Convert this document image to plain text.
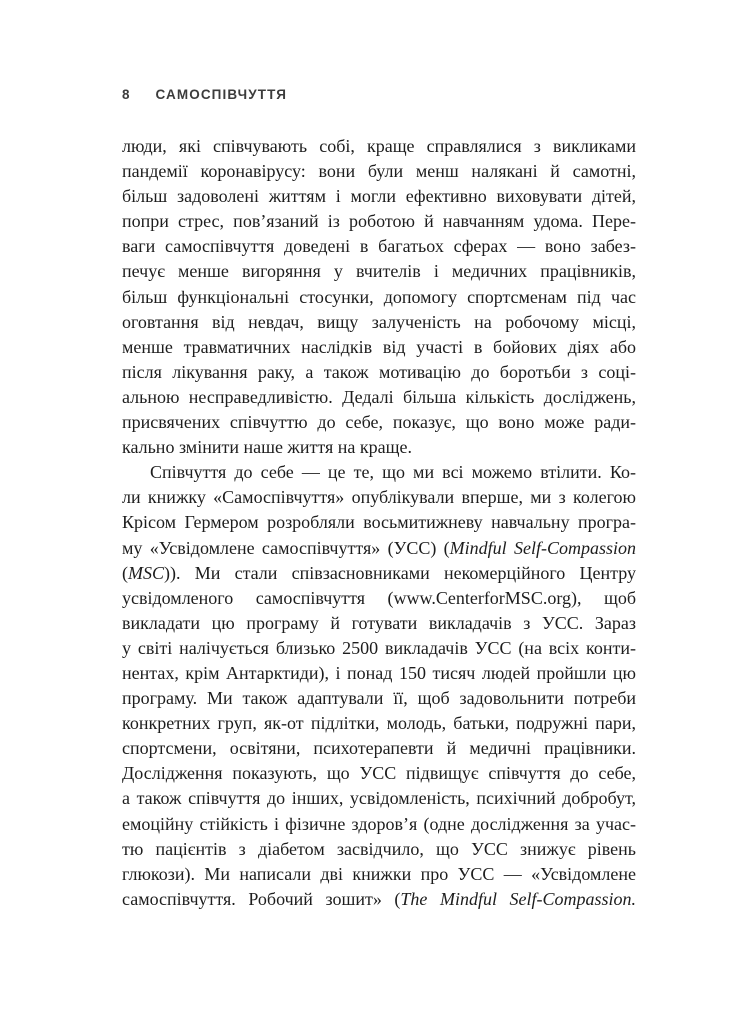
8 САМОСПІВЧУТТЯ

люди, які співчувають собі, краще справлялися з викликами
пандемії коронавірусу: вони були менш налякані й самотні,
більш задоволені життям і могли ефективно виховувати дітей,
попри стрес, пов’язаний із роботою й навчанням удома. Пере-
ваги самоспівчуття доведені в багатьох сферах — воно забез-
печує менше вигоряння у вчителів і медичних працівників,
більш функціональні стосунки, допомогу спортсменам під час
оговтання від невдач, вищу залученість на робочому місці,
менше травматичних наслідків від участі в бойових діях або
після лікування раку, а також мотивацію до боротьби з соці-
альною несправедливістю. Дедалі більша кількість досліджень,
присвячених співчуттю до себе, показує, що воно може ради-
кально змінити наше життя на краще.

Співчуття до себе — це те, що ми всі можемо втілити. Ко-
ли книжку «Самоспівчуття» опублікували вперше, ми з колегою
Крісом Гермером розробляли восьмитижневу навчальну програ-
му «Усвідомлене самоспівчуття» (УСС) (Mindful Self-Compassion
(MSC)). Ми стали співзасновниками некомерційного Центру
усвідомленого самоспівчуття (www.CenterforMSC.org), щоб
викладати цю програму й готувати викладачів з УСС. Зараз
у світі налічується близько 2500 викладачів УСС (на всіх конти-
нентах, крім Антарктиди), і понад 150 тисяч людей пройшли цю
програму. Ми також адаптували її, щоб задовольнити потреби
конкретних груп, як-от підлітки, молодь, батьки, подружні пари,
спортсмени, освітяни, психотерапевти й медичні працівники.
Дослідження показують, що УСС підвищує співчуття до себе,
а також співчуття до інших, усвідомленість, психічний добробут,
емоційну стійкість і фізичне здоров’я (одне дослідження за учас-
тю пацієнтів з діабетом засвідчило, що УСС знижує рівень
глюкози). Ми написали дві книжки про УСС — «Усвідомлене
самоспівчуття. Робочий зошит» (The Mindful Self-Compassion.
